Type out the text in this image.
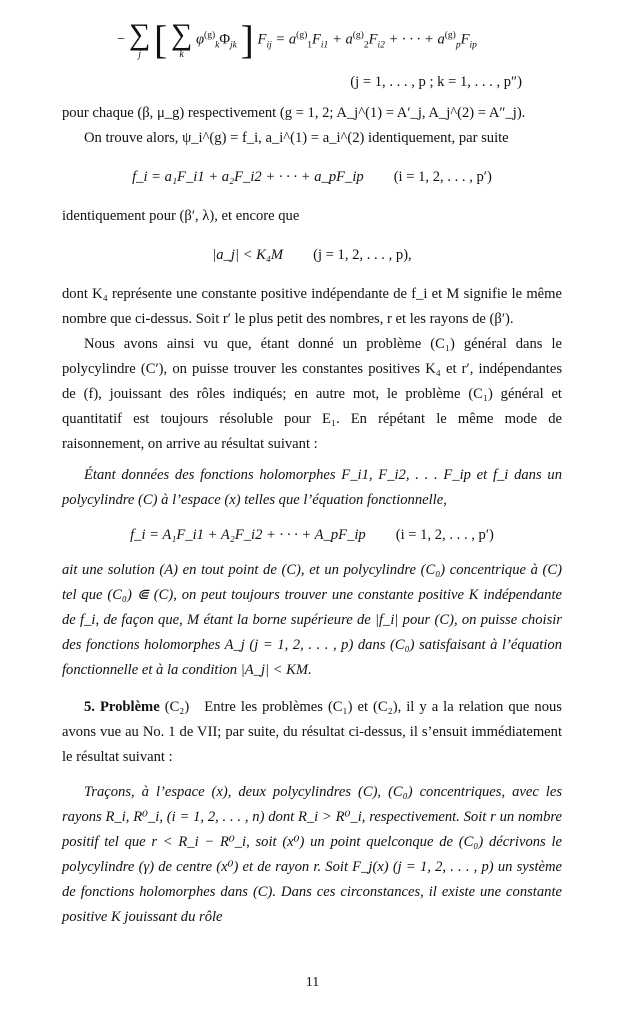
− ∑
j [ ∑
k
$\varphi^{(g)}_k\Phi_{jk}$ ] $F_{ij} = a^{(g)}_1F_{i1} + a^{(g)}_2F_{i2}$ + · · · + $a^{(g)}_pF_{ip}$

(j = 1, . . . , p ; k = 1, . . . , p″)

pour chaque (β, μ_g) respectivement (g = 1, 2; A_j^(1) = A′_j, A_j^(2) = A″_j).

On trouve alors, ψ_i^(g) = f_i, a_i^(1) = a_i^(2) identiquement, par suite

f_i = a₁F_i1 + a₂F_i2 + · · · + a_pF_ip (i = 1, 2, . . . , p′)

identiquement pour (β′, λ), et encore que

|a_j| < K₄M (j = 1, 2, . . . , p),

dont K₄ représente une constante positive indépendante de f_i et M signifie le même nombre que ci-dessus. Soit r′ le plus petit des nombres, r et les rayons de (β′).

Nous avons ainsi vu que, étant donné un problème (C₁) général dans le polycylindre (C′), on puisse trouver les constantes positives K₄ et r′, indépendantes de (f), jouissant des rôles indiqués; en autre mot, le problème (C₁) général et quantitatif est toujours résoluble pour E₁. En répétant le même mode de raisonnement, on arrive au résultat suivant :

Étant données des fonctions holomorphes F_i1, F_i2, . . . F_ip et f_i dans un polycylindre (C) à l’espace (x) telles que l’équation fonctionnelle,

f_i = A₁F_i1 + A₂F_i2 + · · · + A_pF_ip (i = 1, 2, . . . , p′)

ait une solution (A) en tout point de (C), et un polycylindre (C₀) concentrique à (C) tel que (C₀) ⋐ (C), on peut toujours trouver une constante positive K indépendante de f_i, de façon que, M étant la borne supérieure de |f_i| pour (C), on puisse choisir des fonctions holomorphes A_j (j = 1, 2, . . . , p) dans (C₀) satisfaisant à l’équation fonctionnelle et à la condition |A_j| < KM.

5. Problème (C₂) Entre les problèmes (C₁) et (C₂), il y a la relation que nous avons vue au No. 1 de VII; par suite, du résultat ci-dessus, il s’ensuit immédiatement le résultat suivant :

Traçons, à l’espace (x), deux polycylindres (C), (C₀) concentriques, avec les rayons R_i, R⁰_i, (i = 1, 2, . . . , n) dont R_i > R⁰_i, respectivement. Soit r un nombre positif tel que r < R_i − R⁰_i, soit (x⁰) un point quelconque de (C₀) décrivons le polycylindre (γ) de centre (x⁰) et de rayon r. Soit F_j(x) (j = 1, 2, . . . , p) un système de fonctions holomorphes dans (C). Dans ces circonstances, il existe une constante positive K jouissant du rôle

11
